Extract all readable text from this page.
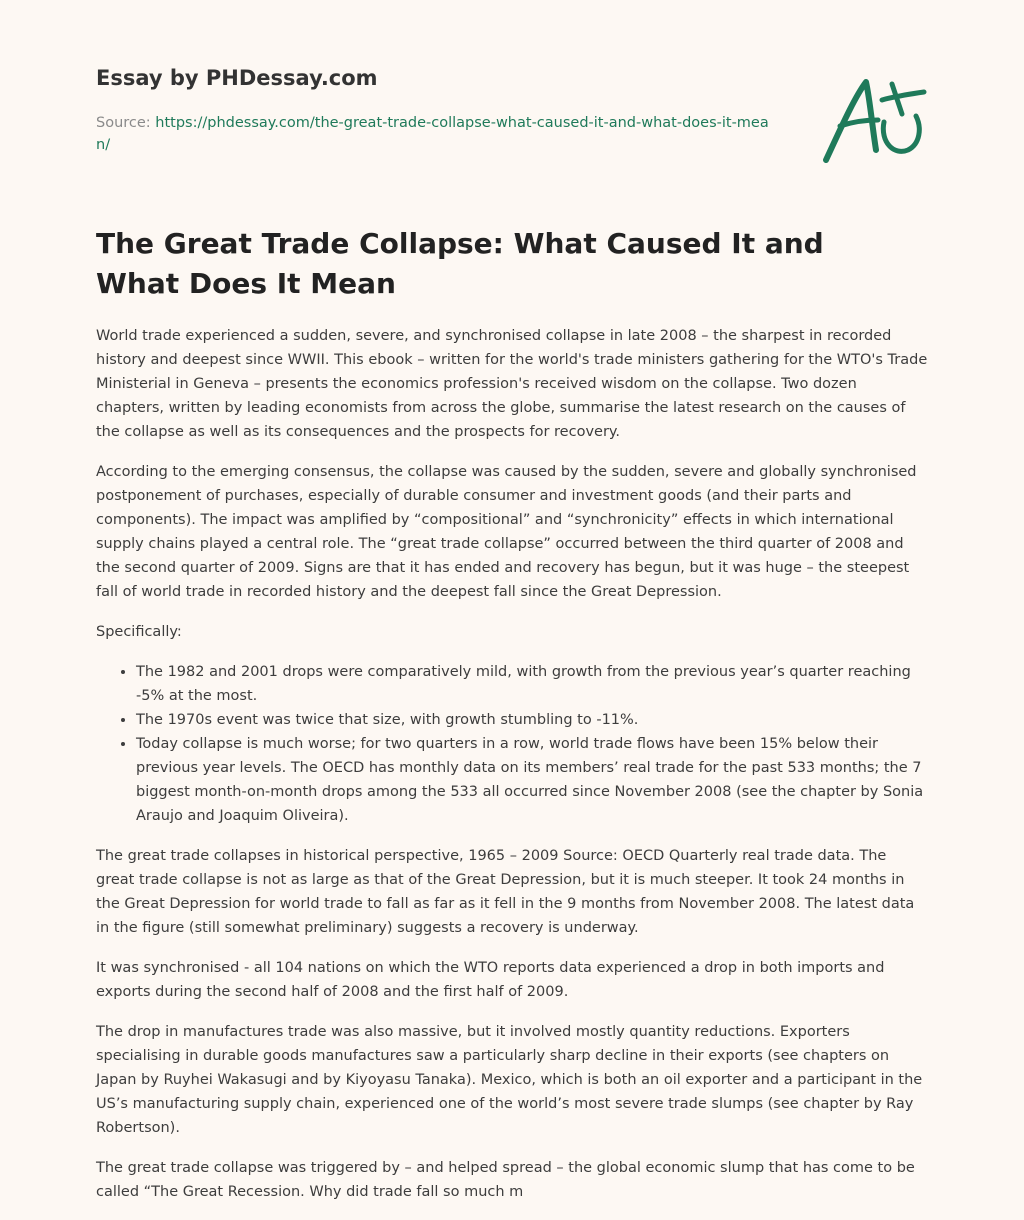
Essay by PHDessay.com

Source: https://phdessay.com/the-great-trade-collapse-what-caused-it-and-what-does-it-mean/
The Great Trade Collapse: What Caused It and What Does It Mean

World trade experienced a sudden, severe, and synchronised collapse in late 2008 – the sharpest in recorded history and deepest since WWII. This ebook – written for the world's trade ministers gathering for the WTO's Trade Ministerial in Geneva – presents the economics profession's received wisdom on the collapse. Two dozen chapters, written by leading economists from across the globe, summarise the latest research on the causes of the collapse as well as its consequences and the prospects for recovery.

According to the emerging consensus, the collapse was caused by the sudden, severe and globally synchronised postponement of purchases, especially of durable consumer and investment goods (and their parts and components). The impact was amplified by “compositional” and “synchronicity” effects in which international supply chains played a central role. The “great trade collapse” occurred between the third quarter of 2008 and the second quarter of 2009. Signs are that it has ended and recovery has begun, but it was huge – the steepest fall of world trade in recorded history and the deepest fall since the Great Depression.

Specifically:

• The 1982 and 2001 drops were comparatively mild, with growth from the previous year’s quarter reaching -5% at the most.
• The 1970s event was twice that size, with growth stumbling to -11%.
• Today collapse is much worse; for two quarters in a row, world trade flows have been 15% below their previous year levels. The OECD has monthly data on its members’ real trade for the past 533 months; the 7 biggest month-on-month drops among the 533 all occurred since November 2008 (see the chapter by Sonia Araujo and Joaquim Oliveira).

The great trade collapses in historical perspective, 1965 – 2009 Source: OECD Quarterly real trade data. The great trade collapse is not as large as that of the Great Depression, but it is much steeper. It took 24 months in the Great Depression for world trade to fall as far as it fell in the 9 months from November 2008. The latest data in the figure (still somewhat preliminary) suggests a recovery is underway.

It was synchronised - all 104 nations on which the WTO reports data experienced a drop in both imports and exports during the second half of 2008 and the first half of 2009.

The drop in manufactures trade was also massive, but it involved mostly quantity reductions. Exporters specialising in durable goods manufactures saw a particularly sharp decline in their exports (see chapters on Japan by Ruyhei Wakasugi and by Kiyoyasu Tanaka). Mexico, which is both an oil exporter and a participant in the US’s manufacturing supply chain, experienced one of the world’s most severe trade slumps (see chapter by Ray Robertson).

The great trade collapse was triggered by – and helped spread – the global economic slump that has come to be called “The Great Recession. Why did trade fall so much m
